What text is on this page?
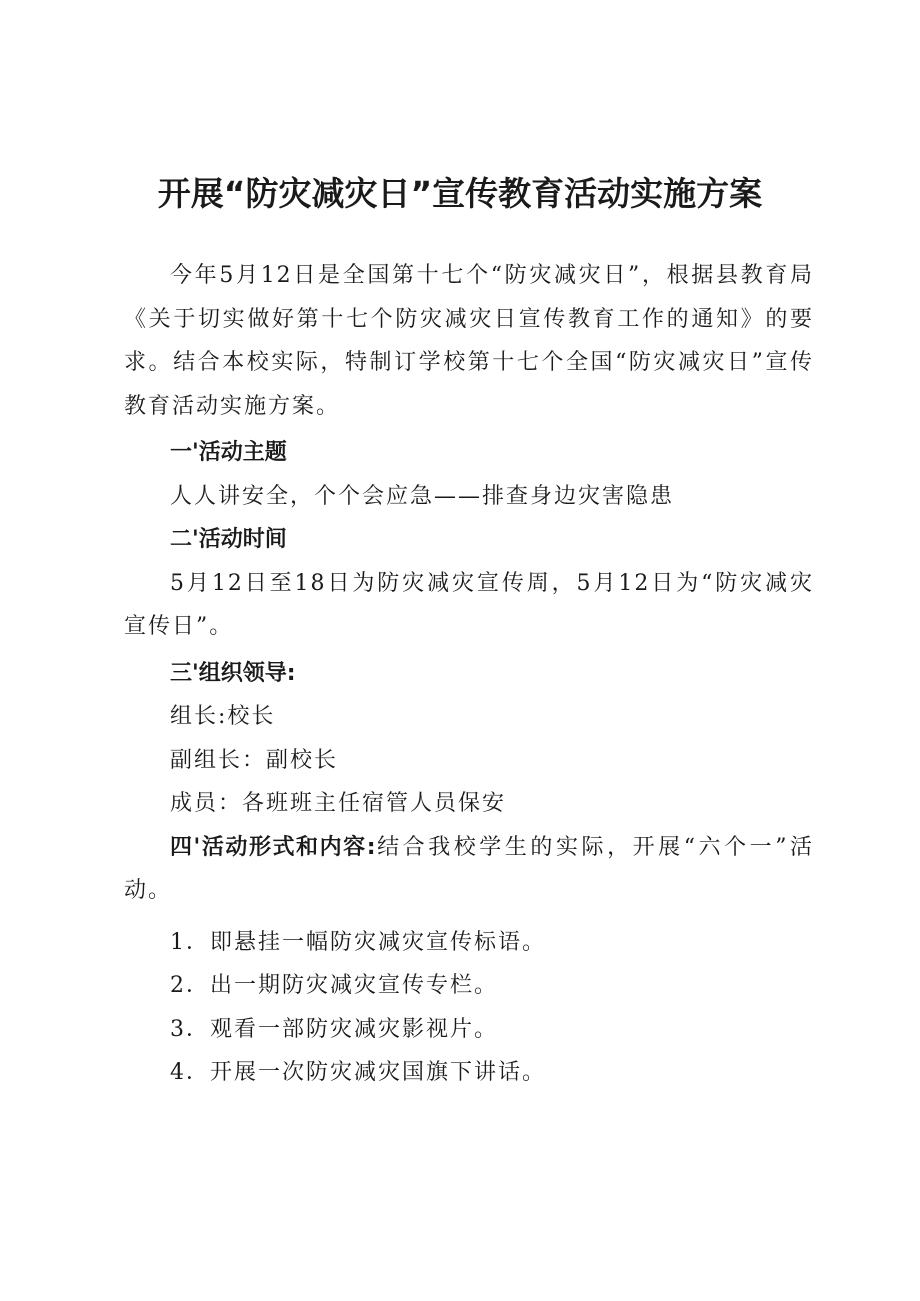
开展“防灾减灾日”宣传教育活动实施方案

今年5月12日是全国第十七个“防灾减灾日”，根据县教育局《关于切实做好第十七个防灾减灾日宣传教育工作的通知》的要求。结合本校实际，特制订学校第十七个全国“防灾减灾日”宣传教育活动实施方案。

一'活动主题

人人讲安全，个个会应急——排查身边灾害隐患

二'活动时间

5月12日至18日为防灾减灾宣传周，5月12日为“防灾减灾宣传日”。

三'组织领导:

组长:校长

副组长：副校长

成员：各班班主任宿管人员保安

四'活动形式和内容:结合我校学生的实际，开展“六个一”活动。

1．即悬挂一幅防灾减灾宣传标语。

2．出一期防灾减灾宣传专栏。

3．观看一部防灾减灾影视片。

4．开展一次防灾减灾国旗下讲话。
